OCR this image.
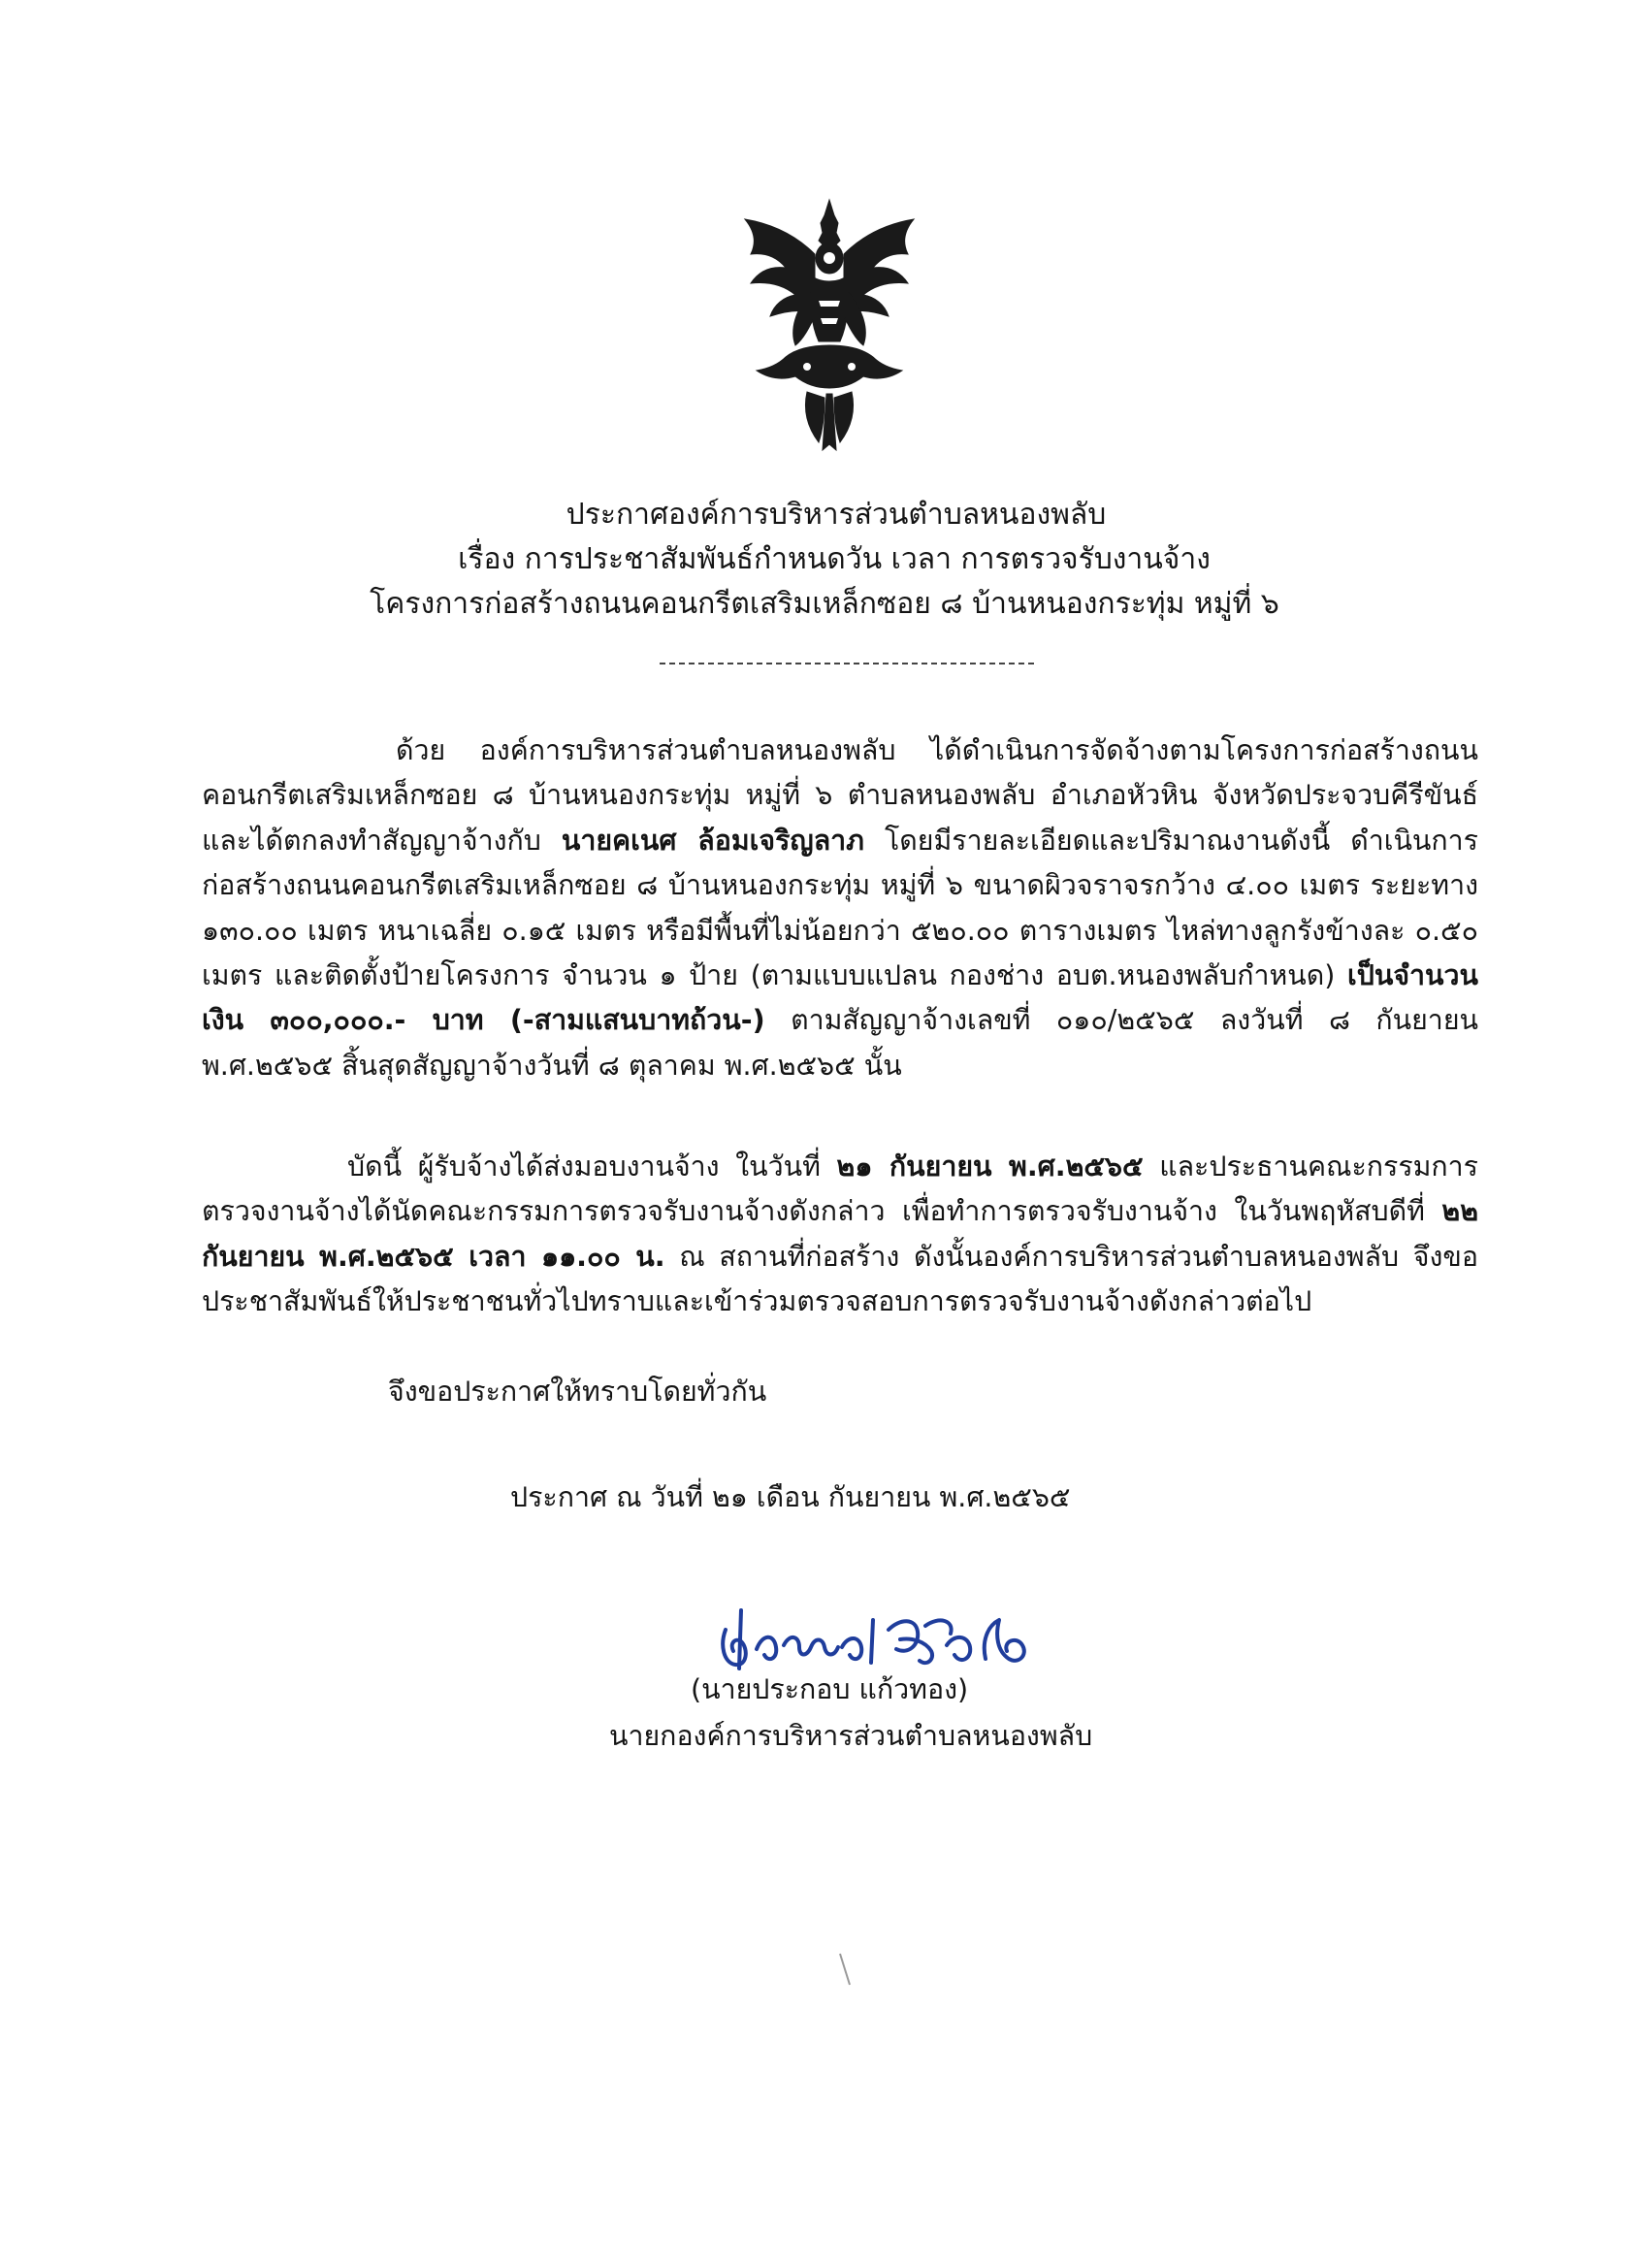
ประกาศองค์การบริหารส่วนตำบลหนองพลับ
เรื่อง การประชาสัมพันธ์กำหนดวัน เวลา การตรวจรับงานจ้าง
โครงการก่อสร้างถนนคอนกรีตเสริมเหล็กซอย ๘ บ้านหนองกระทุ่ม หมู่ที่ ๖
ด้วย องค์การบริหารส่วนตำบลหนองพลับ ได้ดำเนินการจัดจ้างตามโครงการก่อสร้างถนนคอนกรีตเสริมเหล็กซอย ๘ บ้านหนองกระทุ่ม หมู่ที่ ๖ ตำบลหนองพลับ อำเภอหัวหิน จังหวัดประจวบคีรีขันธ์ และได้ตกลงทำสัญญาจ้างกับ นายคเนศ ล้อมเจริญลาภ โดยมีรายละเอียดและปริมาณงานดังนี้ ดำเนินการก่อสร้างถนนคอนกรีตเสริมเหล็กซอย ๘ บ้านหนองกระทุ่ม หมู่ที่ ๖ ขนาดผิวจราจรกว้าง ๔.๐๐ เมตร ระยะทาง ๑๓๐.๐๐ เมตร หนาเฉลี่ย ๐.๑๕ เมตร หรือมีพื้นที่ไม่น้อยกว่า ๕๒๐.๐๐ ตารางเมตร ไหล่ทางลูกรังข้างละ ๐.๕๐ เมตร และติดตั้งป้ายโครงการ จำนวน ๑ ป้าย (ตามแบบแปลน กองช่าง อบต.หนองพลับกำหนด) เป็นจำนวนเงิน ๓๐๐,๐๐๐.- บาท (-สามแสนบาทถ้วน-) ตามสัญญาจ้างเลขที่ ๐๑๐/๒๕๖๕ ลงวันที่ ๘ กันยายน พ.ศ.๒๕๖๕ สิ้นสุดสัญญาจ้างวันที่ ๘ ตุลาคม พ.ศ.๒๕๖๕ นั้น
บัดนี้ ผู้รับจ้างได้ส่งมอบงานจ้าง ในวันที่ ๒๑ กันยายน พ.ศ.๒๕๖๕ และประธานคณะกรรมการตรวจงานจ้างได้นัดคณะกรรมการตรวจรับงานจ้างดังกล่าว เพื่อทำการตรวจรับงานจ้าง ในวันพฤหัสบดีที่ ๒๒ กันยายน พ.ศ.๒๕๖๕ เวลา ๑๑.๐๐ น. ณ สถานที่ก่อสร้าง ดังนั้นองค์การบริหารส่วนตำบลหนองพลับ จึงขอประชาสัมพันธ์ให้ประชาชนทั่วไปทราบและเข้าร่วมตรวจสอบการตรวจรับงานจ้างดังกล่าวต่อไป
จึงขอประกาศให้ทราบโดยทั่วกัน
ประกาศ ณ วันที่ ๒๑ เดือน กันยายน พ.ศ.๒๕๖๕
(นายประกอบ แก้วทอง)
นายกองค์การบริหารส่วนตำบลหนองพลับ
